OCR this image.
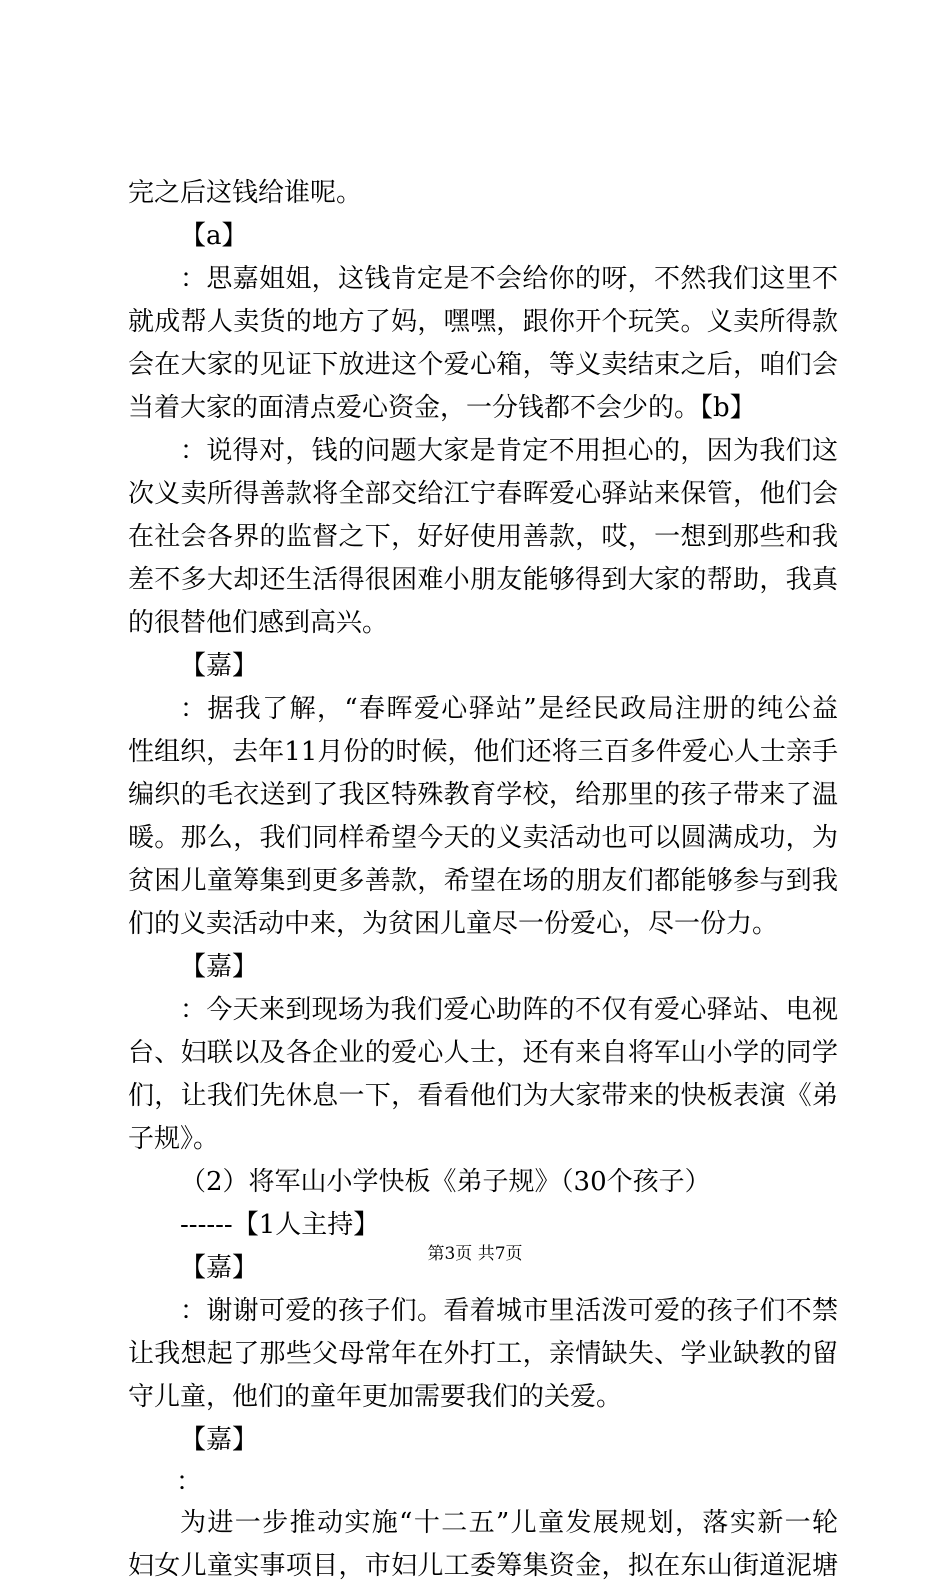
完之后这钱给谁呢。
【a】
：思嘉姐姐，这钱肯定是不会给你的呀，不然我们这里不
就成帮人卖货的地方了妈，嘿嘿，跟你开个玩笑。义卖所得款
会在大家的见证下放进这个爱心箱，等义卖结束之后，咱们会
当着大家的面清点爱心资金，一分钱都不会少的。【b】
：说得对，钱的问题大家是肯定不用担心的，因为我们这
次义卖所得善款将全部交给江宁春晖爱心驿站来保管，他们会
在社会各界的监督之下，好好使用善款，哎，一想到那些和我
差不多大却还生活得很困难小朋友能够得到大家的帮助，我真
的很替他们感到高兴。
【嘉】
：据我了解，“春晖爱心驿站”是经民政局注册的纯公益
性组织，去年11月份的时候，他们还将三百多件爱心人士亲手
编织的毛衣送到了我区特殊教育学校，给那里的孩子带来了温
暖。那么，我们同样希望今天的义卖活动也可以圆满成功，为
贫困儿童筹集到更多善款，希望在场的朋友们都能够参与到我
们的义卖活动中来，为贫困儿童尽一份爱心，尽一份力。
【嘉】
：今天来到现场为我们爱心助阵的不仅有爱心驿站、电视
台、妇联以及各企业的爱心人士，还有来自将军山小学的同学
们，让我们先休息一下，看看他们为大家带来的快板表演《弟
子规》。
（2）将军山小学快板《弟子规》（30个孩子）
------【1人主持】
【嘉】
：谢谢可爱的孩子们。看着城市里活泼可爱的孩子们不禁
让我想起了那些父母常年在外打工，亲情缺失、学业缺教的留
守儿童，他们的童年更加需要我们的关爱。
【嘉】
：
为进一步推动实施“十二五”儿童发展规划，落实新一轮
妇女儿童实事项目，市妇儿工委筹集资金，拟在东山街道泥塘
第3页 共7页
